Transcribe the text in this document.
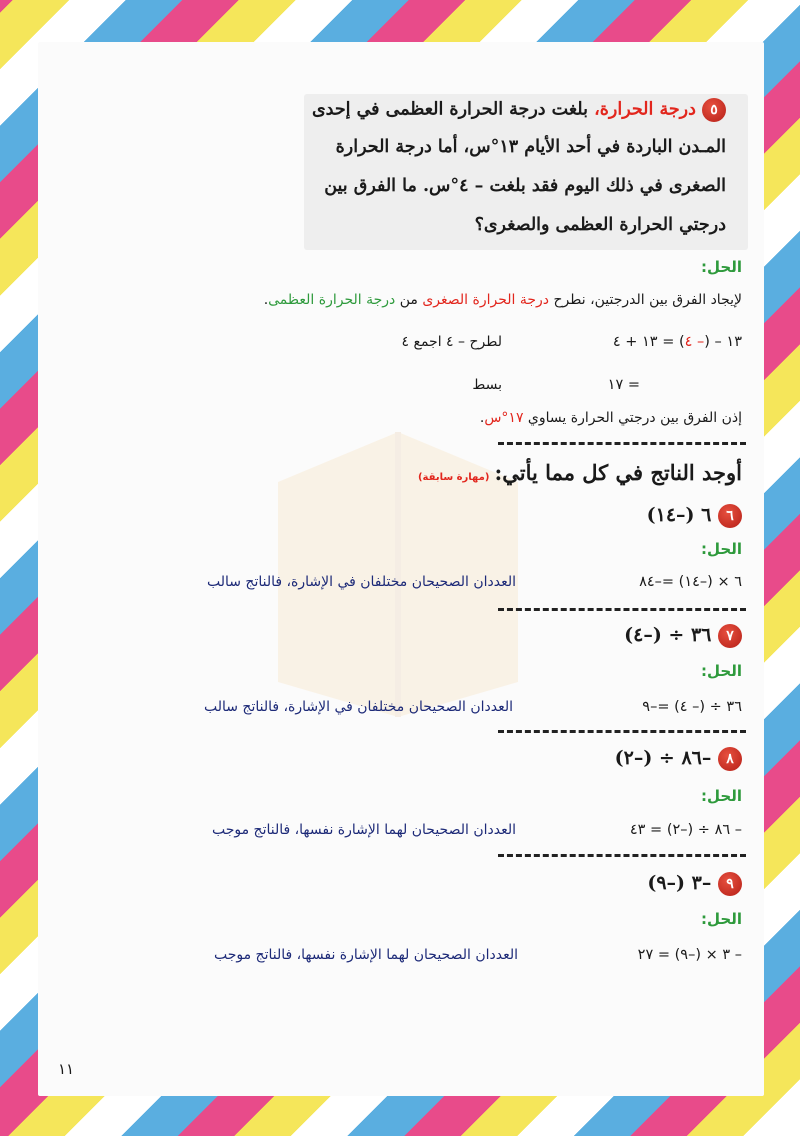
٥ درجة الحرارة، بلغت درجة الحرارة العظمى في إحدى
المـدن الباردة في أحد الأيام ١٣°س، أما درجة الحرارة
الصغرى في ذلك اليوم فقد بلغت – ٤°س. ما الفرق بين
درجتي الحرارة العظمى والصغرى؟
الحل:
لإيجاد الفرق بين الدرجتين، نطرح درجة الحرارة الصغرى من درجة الحرارة العظمى.
١٣ – (– ٤) = ١٣ + ٤
لطرح – ٤ اجمع ٤
= ١٧
بسط
إذن الفرق بين درجتي الحرارة يساوي ١٧°س.
أوجد الناتج في كل مما يأتي: (مهارة سابقة)
٦ ٦ (–١٤)
الحل:
٦ × (–١٤) =–٨٤
العددان الصحيحان مختلفان في الإشارة، فالناتج سالب
٧ ٣٦ ÷ (–٤)
الحل:
٣٦ ÷ (– ٤) =–٩
العددان الصحيحان مختلفان في الإشارة، فالناتج سالب
٨ –٨٦ ÷ (–٢)
الحل:
– ٨٦ ÷ (–٢) = ٤٣
العددان الصحيحان لهما الإشارة نفسها، فالناتج موجب
٩ –٣ (–٩)
الحل:
– ٣ × (–٩) = ٢٧
العددان الصحيحان لهما الإشارة نفسها، فالناتج موجب
١١
